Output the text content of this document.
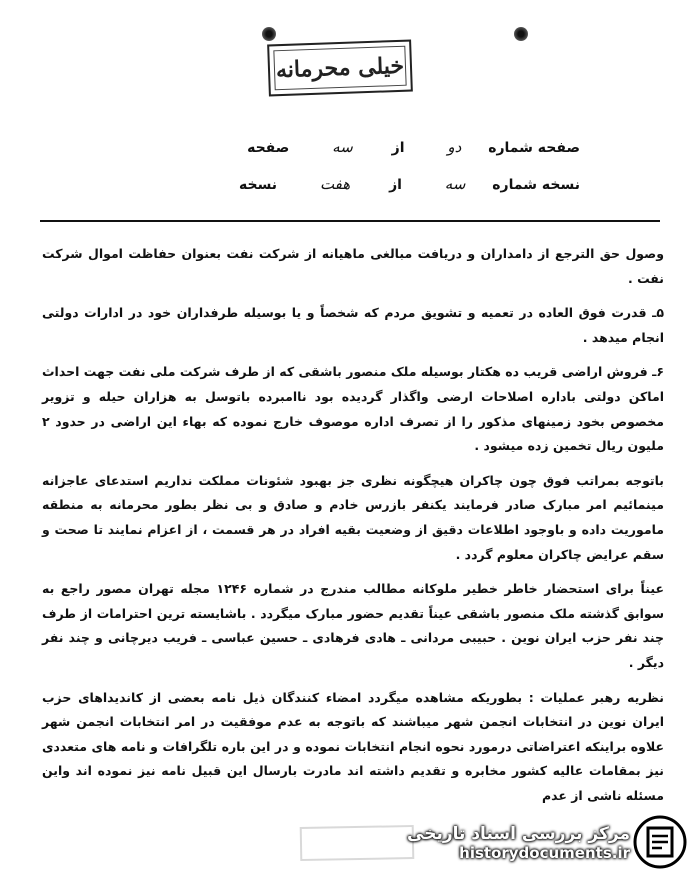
خیلی محرمانه
صفحه شماره دو از سه صفحه
نسخه شماره سه از هفت نسخه

وصول حق الترجع از دامداران و دریافت مبالغی ماهیانه از شرکت نفت بعنوان حفاظت اموال شرکت نفت .

۵ـ قدرت فوق العاده در تعمیه و تشویق مردم که شخصاً و یا بوسیله طرفداران خود در ادارات دولتی انجام میدهد .

۶ـ فروش اراضی قریب ده هکتار بوسیله ملک منصور باشقی که از طرف شرکت ملی نفت جهت احداث اماکن دولتی باداره اصلاحات ارضی واگذار گردیده بود ناامبرده باتوسل به هزاران حیله و تزویر مخصوص بخود زمینهای مذکور را از تصرف اداره موصوف خارج نموده که بهاء این اراضی در حدود ۲ ملیون ریال تخمین زده میشود .

باتوجه بمراتب فوق چون چاکران هیچگونه نظری جز بهبود شئونات مملکت نداریم استدعای عاجزانه مینمائیم امر مبارک صادر فرمایند یکنفر بازرس خادم و صادق و بی نظر بطور محرمانه به منطقه ماموریت داده و باوجود اطلاعات دقیق از وضعیت بقیه افراد در هر قسمت ، از اعزام نمایند تا صحت و سقم عرایض چاکران معلوم گردد .

عیناً برای استحضار خاطر خطیر ملوکانه مطالب مندرج در شماره ۱۲۴۶ مجله تهران مصور راجع به سوابق گذشته ملک منصور باشقی عیناً تقدیم حضور مبارک میگردد . باشایسته ترین احترامات از طرف چند نفر حزب ایران نوین . حبیبی مردانی ـ هادی فرهادی ـ حسین عباسی ـ فریب دیرچانی و چند نفر دیگر .

نظریه رهبر عملیات : بطوریکه مشاهده میگردد امضاء کنندگان ذیل نامه بعضی از کاندیداهای حزب ایران نوین در انتخابات انجمن شهر میباشند که باتوجه به عدم موفقیت در امر انتخابات انجمن شهر علاوه براینکه اعتراضاتی درمورد نحوه انجام انتخابات نموده و در این باره تلگرافات و نامه های متعددی نیز بمقامات عالیه کشور مخابره و تقدیم داشته اند مادرت بارسال این قبیل نامه نیز نموده اند واین مسئله ناشی از عدم

مرکز بررسی اسناد تاریخی
historydocuments.ir
